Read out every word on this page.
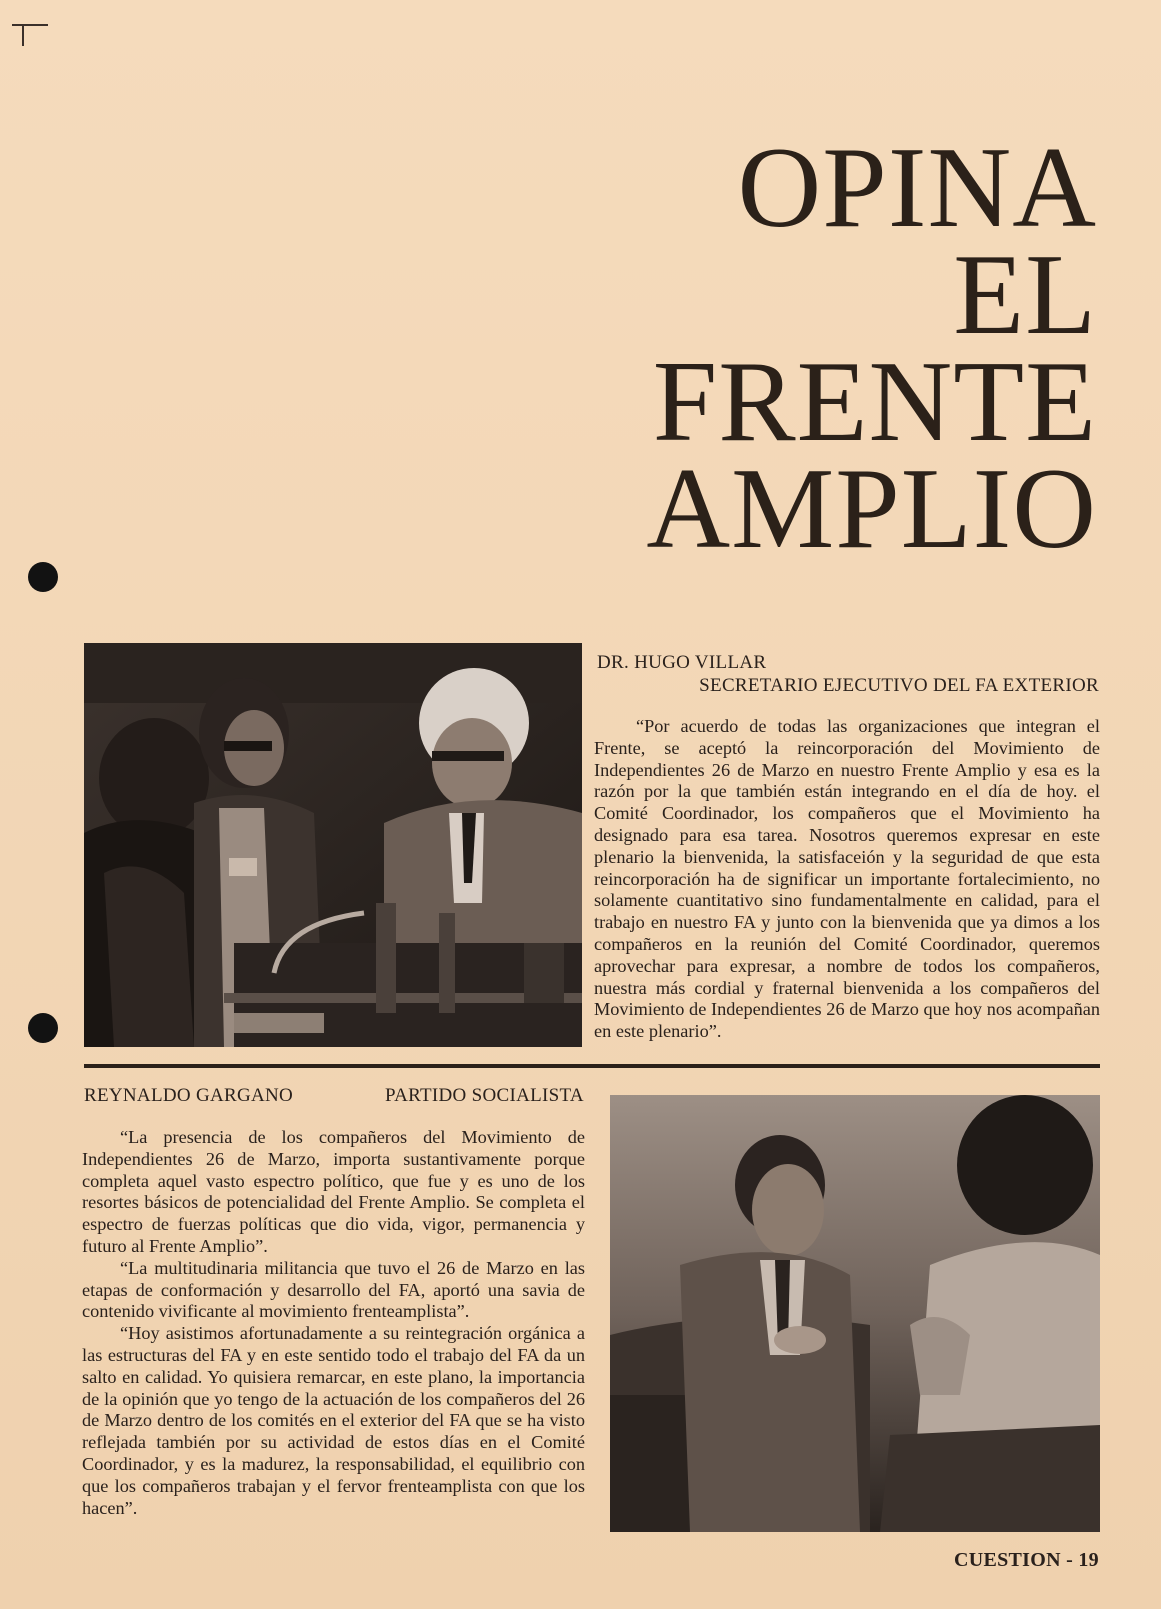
OPINA
EL
FRENTE
AMPLIO
DR. HUGO VILLAR
SECRETARIO EJECUTIVO DEL FA EXTERIOR

“Por acuerdo de todas las organizaciones que integran el Frente, se aceptó la reincorporación del Movimiento de Independientes 26 de Marzo en nuestro Frente Amplio y esa es la razón por la que también están integrando en el día de hoy. el Comité Coordinador, los compañeros que el Movimiento ha designado para esa tarea. Nosotros queremos expresar en este plenario la bienvenida, la satisfaceión y la seguridad de que esta reincorporación ha de significar un importante fortalecimiento, no solamente cuantitativo sino fundamentalmente en calidad, para el trabajo en nuestro FA y junto con la bienvenida que ya dimos a los compañeros en la reunión del Comité Coordinador, queremos aprovechar para expresar, a nombre de todos los compañeros, nuestra más cordial y fraternal bienvenida a los compañeros del Movimiento de Independientes 26 de Marzo que hoy nos acompañan en este plenario”.

REYNALDO GARGANO	PARTIDO SOCIALISTA

“La presencia de los compañeros del Movimiento de Independientes 26 de Marzo, importa sustantivamente porque completa aquel vasto espectro político, que fue y es uno de los resortes básicos de potencialidad del Frente Amplio. Se completa el espectro de fuerzas políticas que dio vida, vigor, permanencia y futuro al Frente Amplio”.

“La multitudinaria militancia que tuvo el 26 de Marzo en las etapas de conformación y desarrollo del FA, aportó una savia de contenido vivificante al movimiento frenteamplista”.

“Hoy asistimos afortunadamente a su reintegración orgánica a las estructuras del FA y en este sentido todo el trabajo del FA da un salto en calidad. Yo quisiera remarcar, en este plano, la importancia de la opinión que yo tengo de la actuación de los compañeros del 26 de Marzo dentro de los comités en el exterior del FA que se ha visto reflejada también por su actividad de estos días en el Comité Coordinador, y es la madurez, la responsabilidad, el equilibrio con que los compañeros trabajan y el fervor frenteamplista con que los hacen”.

CUESTION - 19
